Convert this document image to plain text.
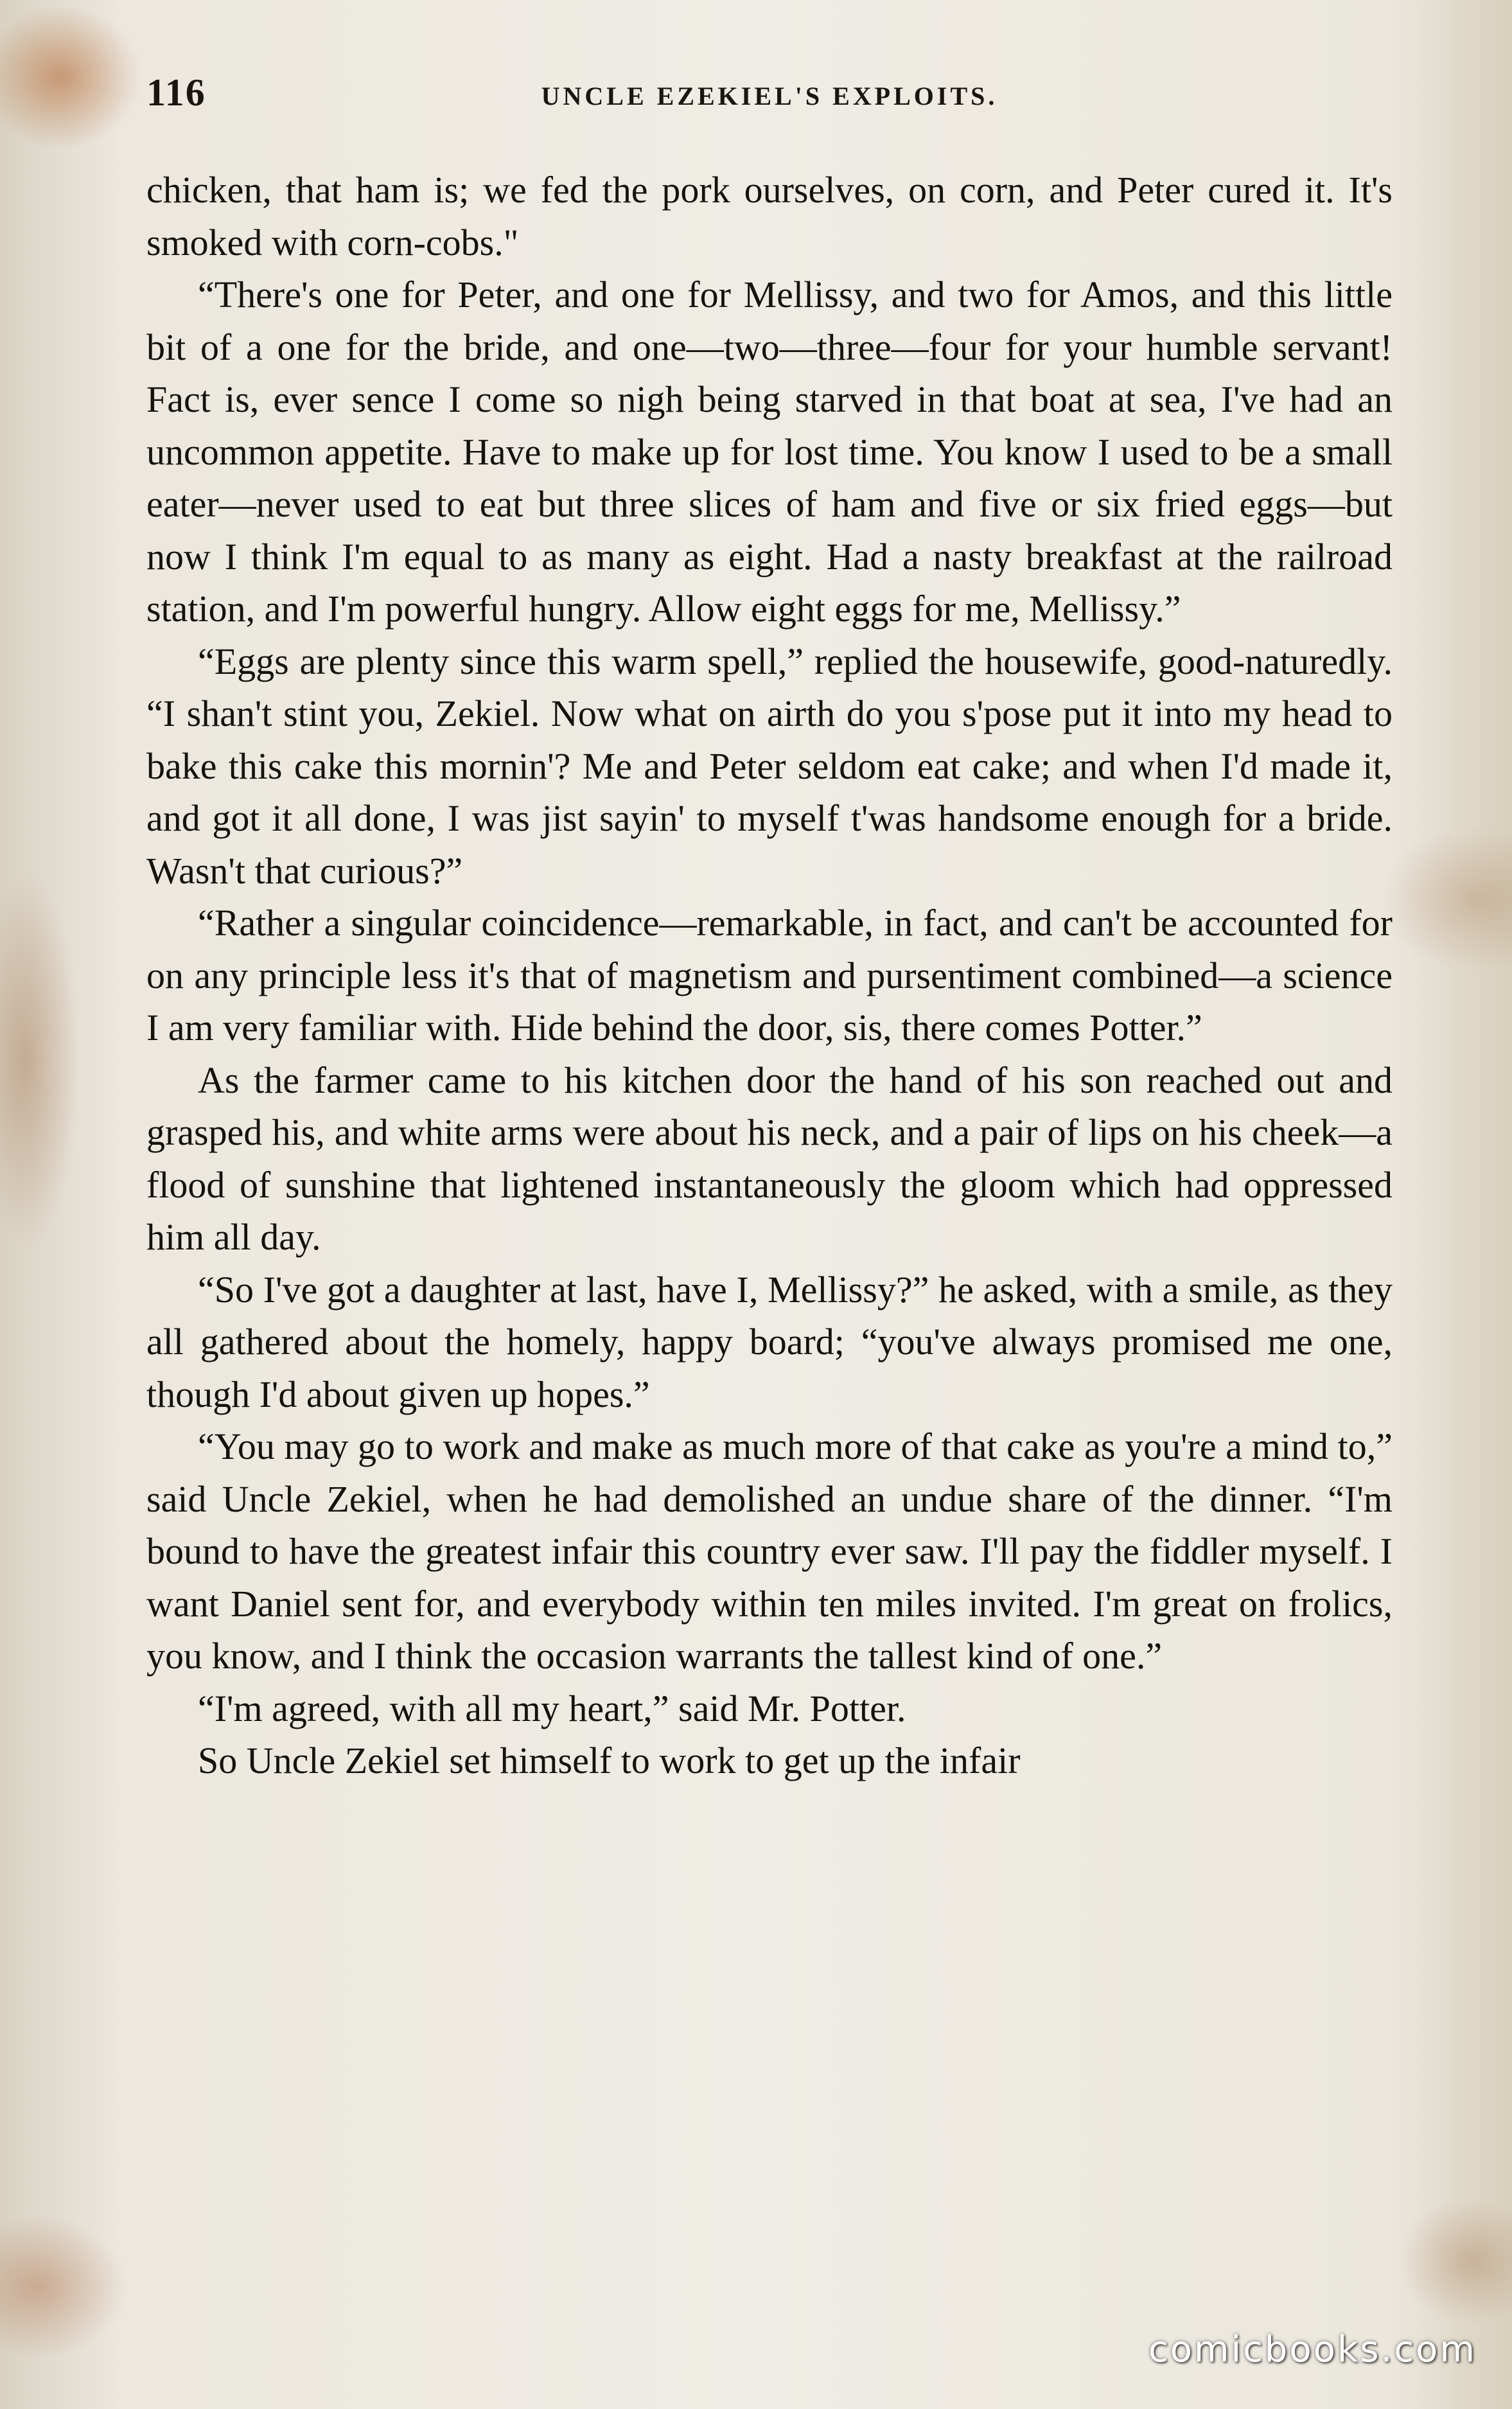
116	UNCLE EZEKIEL'S EXPLOITS.

chicken, that ham is; we fed the pork ourselves, on corn, and Peter cured it. It's smoked with corn-cobs."

“There's one for Peter, and one for Mellissy, and two for Amos, and this little bit of a one for the bride, and one—two—three—four for your humble servant! Fact is, ever sence I come so nigh being starved in that boat at sea, I've had an uncommon appetite. Have to make up for lost time. You know I used to be a small eater—never used to eat but three slices of ham and five or six fried eggs—but now I think I'm equal to as many as eight. Had a nasty breakfast at the railroad station, and I'm powerful hungry. Allow eight eggs for me, Mellissy.”

“Eggs are plenty since this warm spell,” replied the housewife, good-naturedly. “I shan't stint you, Zekiel. Now what on airth do you s'pose put it into my head to bake this cake this mornin'? Me and Peter seldom eat cake; and when I'd made it, and got it all done, I was jist sayin' to myself t'was handsome enough for a bride. Wasn't that curious?”

“Rather a singular coincidence—remarkable, in fact, and can't be accounted for on any principle less it's that of magnetism and pursentiment combined—a science I am very familiar with. Hide behind the door, sis, there comes Potter.”

As the farmer came to his kitchen door the hand of his son reached out and grasped his, and white arms were about his neck, and a pair of lips on his cheek—a flood of sunshine that lightened instantaneously the gloom which had oppressed him all day.

“So I've got a daughter at last, have I, Mellissy?” he asked, with a smile, as they all gathered about the homely, happy board; “you've always promised me one, though I'd about given up hopes.”

“You may go to work and make as much more of that cake as you're a mind to,” said Uncle Zekiel, when he had demolished an undue share of the dinner. “I'm bound to have the greatest infair this country ever saw. I'll pay the fiddler myself. I want Daniel sent for, and everybody within ten miles invited. I'm great on frolics, you know, and I think the occasion warrants the tallest kind of one.”

“I'm agreed, with all my heart,” said Mr. Potter.

So Uncle Zekiel set himself to work to get up the infair

comicbooks.com
